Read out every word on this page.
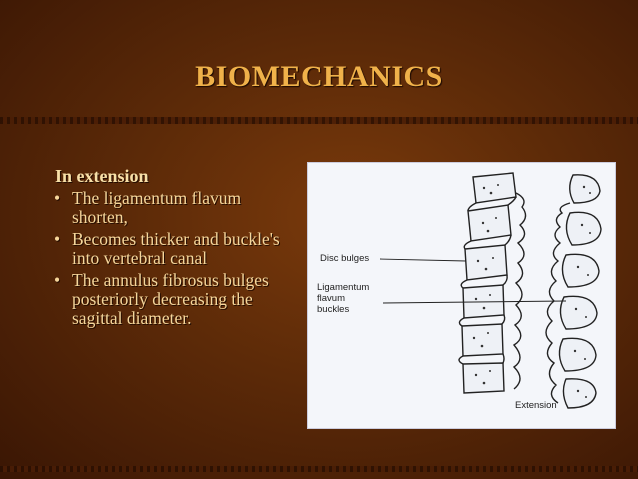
BIOMECHANICS
In extension
• The ligamentum flavum shorten,
• Becomes thicker and buckle's into vertebral canal
• The annulus fibrosus bulges posteriorly decreasing the sagittal diameter.
Disc bulges
Ligamentum flavum buckles
Extension
